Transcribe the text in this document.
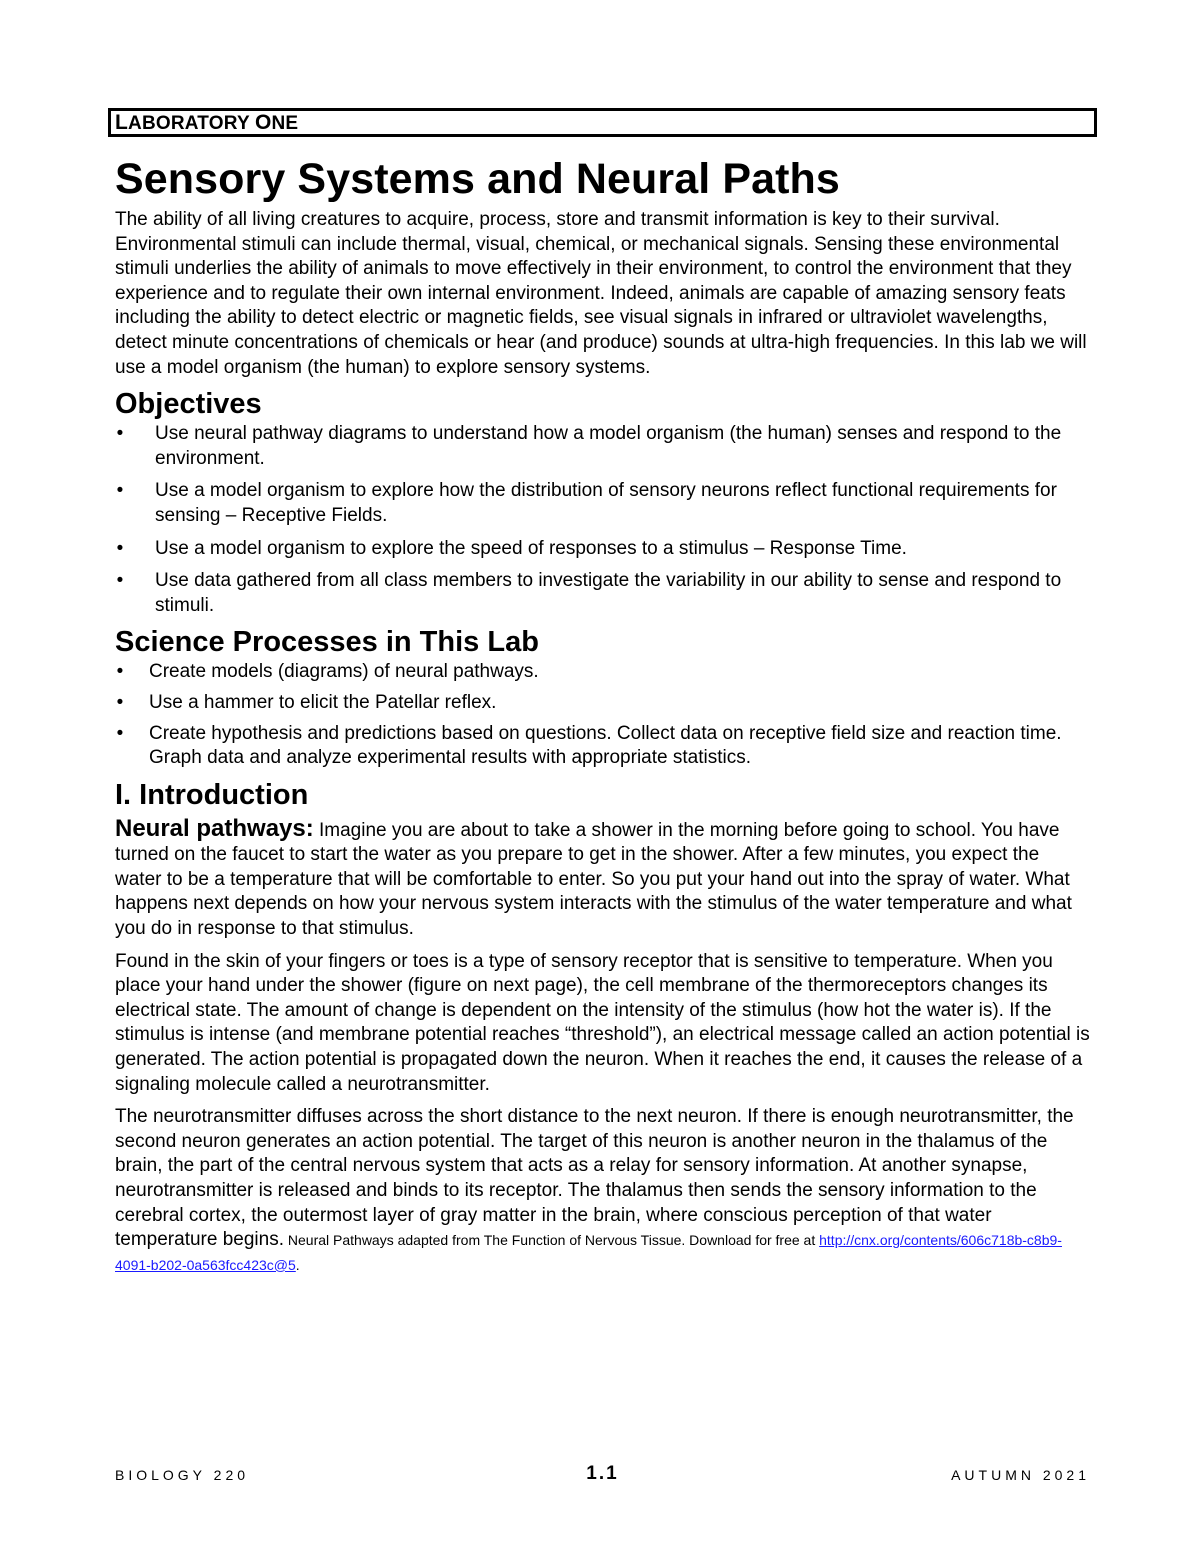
LABORATORY ONE
Sensory Systems and Neural Paths

The ability of all living creatures to acquire, process, store and transmit information is key to their survival. Environmental stimuli can include thermal, visual, chemical, or mechanical signals. Sensing these environmental stimuli underlies the ability of animals to move effectively in their environment, to control the environment that they experience and to regulate their own internal environment. Indeed, animals are capable of amazing sensory feats including the ability to detect electric or magnetic fields, see visual signals in infrared or ultraviolet wavelengths, detect minute concentrations of chemicals or hear (and produce) sounds at ultra-high frequencies. In this lab we will use a model organism (the human) to explore sensory systems.

Objectives
• Use neural pathway diagrams to understand how a model organism (the human) senses and respond to the environment.
• Use a model organism to explore how the distribution of sensory neurons reflect functional requirements for sensing – Receptive Fields.
• Use a model organism to explore the speed of responses to a stimulus – Response Time.
• Use data gathered from all class members to investigate the variability in our ability to sense and respond to stimuli.
Science Processes in This Lab
• Create models (diagrams) of neural pathways.
• Use a hammer to elicit the Patellar reflex.
• Create hypothesis and predictions based on questions. Collect data on receptive field size and reaction time. Graph data and analyze experimental results with appropriate statistics.
I. Introduction

Neural pathways: Imagine you are about to take a shower in the morning before going to school. You have turned on the faucet to start the water as you prepare to get in the shower. After a few minutes, you expect the water to be a temperature that will be comfortable to enter. So you put your hand out into the spray of water. What happens next depends on how your nervous system interacts with the stimulus of the water temperature and what you do in response to that stimulus.

Found in the skin of your fingers or toes is a type of sensory receptor that is sensitive to temperature. When you place your hand under the shower (figure on next page), the cell membrane of the thermoreceptors changes its electrical state. The amount of change is dependent on the intensity of the stimulus (how hot the water is). If the stimulus is intense (and membrane potential reaches “threshold”), an electrical message called an action potential is generated. The action potential is propagated down the neuron. When it reaches the end, it causes the release of a signaling molecule called a neurotransmitter.

The neurotransmitter diffuses across the short distance to the next neuron. If there is enough neurotransmitter, the second neuron generates an action potential. The target of this neuron is another neuron in the thalamus of the brain, the part of the central nervous system that acts as a relay for sensory information. At another synapse, neurotransmitter is released and binds to its receptor. The thalamus then sends the sensory information to the cerebral cortex, the outermost layer of gray matter in the brain, where conscious perception of that water temperature begins. Neural Pathways adapted from The Function of Nervous Tissue. Download for free at http://cnx.org/contents/606c718b-c8b9-4091-b202-0a563fcc423c@5.

BIOLOGY 220	1.1	AUTUMN 2021
